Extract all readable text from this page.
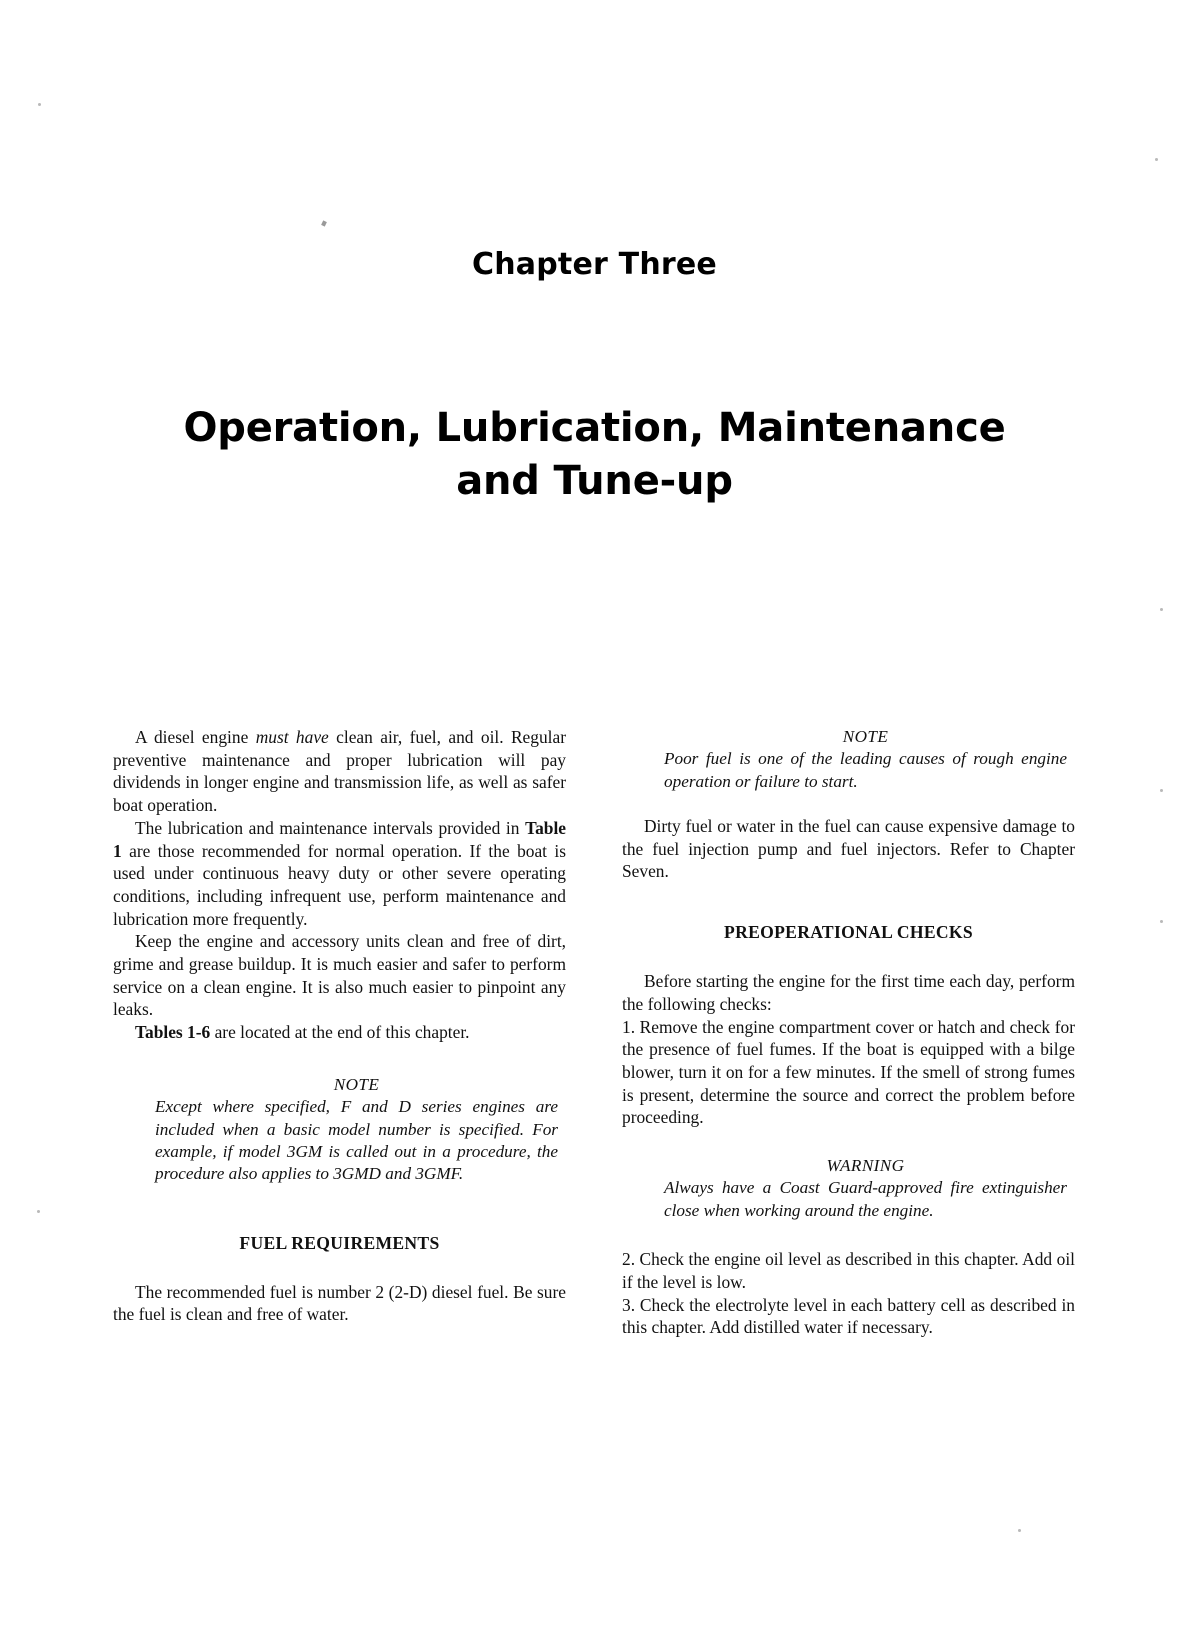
Chapter Three
Operation, Lubrication, Maintenance
and Tune-up

A diesel engine must have clean air, fuel, and oil. Regular preventive maintenance and proper lubrication will pay dividends in longer engine and transmission life, as well as safer boat operation.

The lubrication and maintenance intervals provided in Table 1 are those recommended for normal operation. If the boat is used under continuous heavy duty or other severe operating conditions, including infrequent use, perform maintenance and lubrication more frequently.

Keep the engine and accessory units clean and free of dirt, grime and grease buildup. It is much easier and safer to perform service on a clean engine. It is also much easier to pinpoint any leaks.

Tables 1-6 are located at the end of this chapter.

NOTE
Except where specified, F and D series engines are included when a basic model number is specified. For example, if model 3GM is called out in a procedure, the procedure also applies to 3GMD and 3GMF.

FUEL REQUIREMENTS

The recommended fuel is number 2 (2-D) diesel fuel. Be sure the fuel is clean and free of water.

NOTE
Poor fuel is one of the leading causes of rough engine operation or failure to start.

Dirty fuel or water in the fuel can cause expensive damage to the fuel injection pump and fuel injectors. Refer to Chapter Seven.

PREOPERATIONAL CHECKS

Before starting the engine for the first time each day, perform the following checks:

1. Remove the engine compartment cover or hatch and check for the presence of fuel fumes. If the boat is equipped with a bilge blower, turn it on for a few minutes. If the smell of strong fumes is present, determine the source and correct the problem before proceeding.

WARNING
Always have a Coast Guard-approved fire extinguisher close when working around the engine.

2. Check the engine oil level as described in this chapter. Add oil if the level is low.

3. Check the electrolyte level in each battery cell as described in this chapter. Add distilled water if necessary.
